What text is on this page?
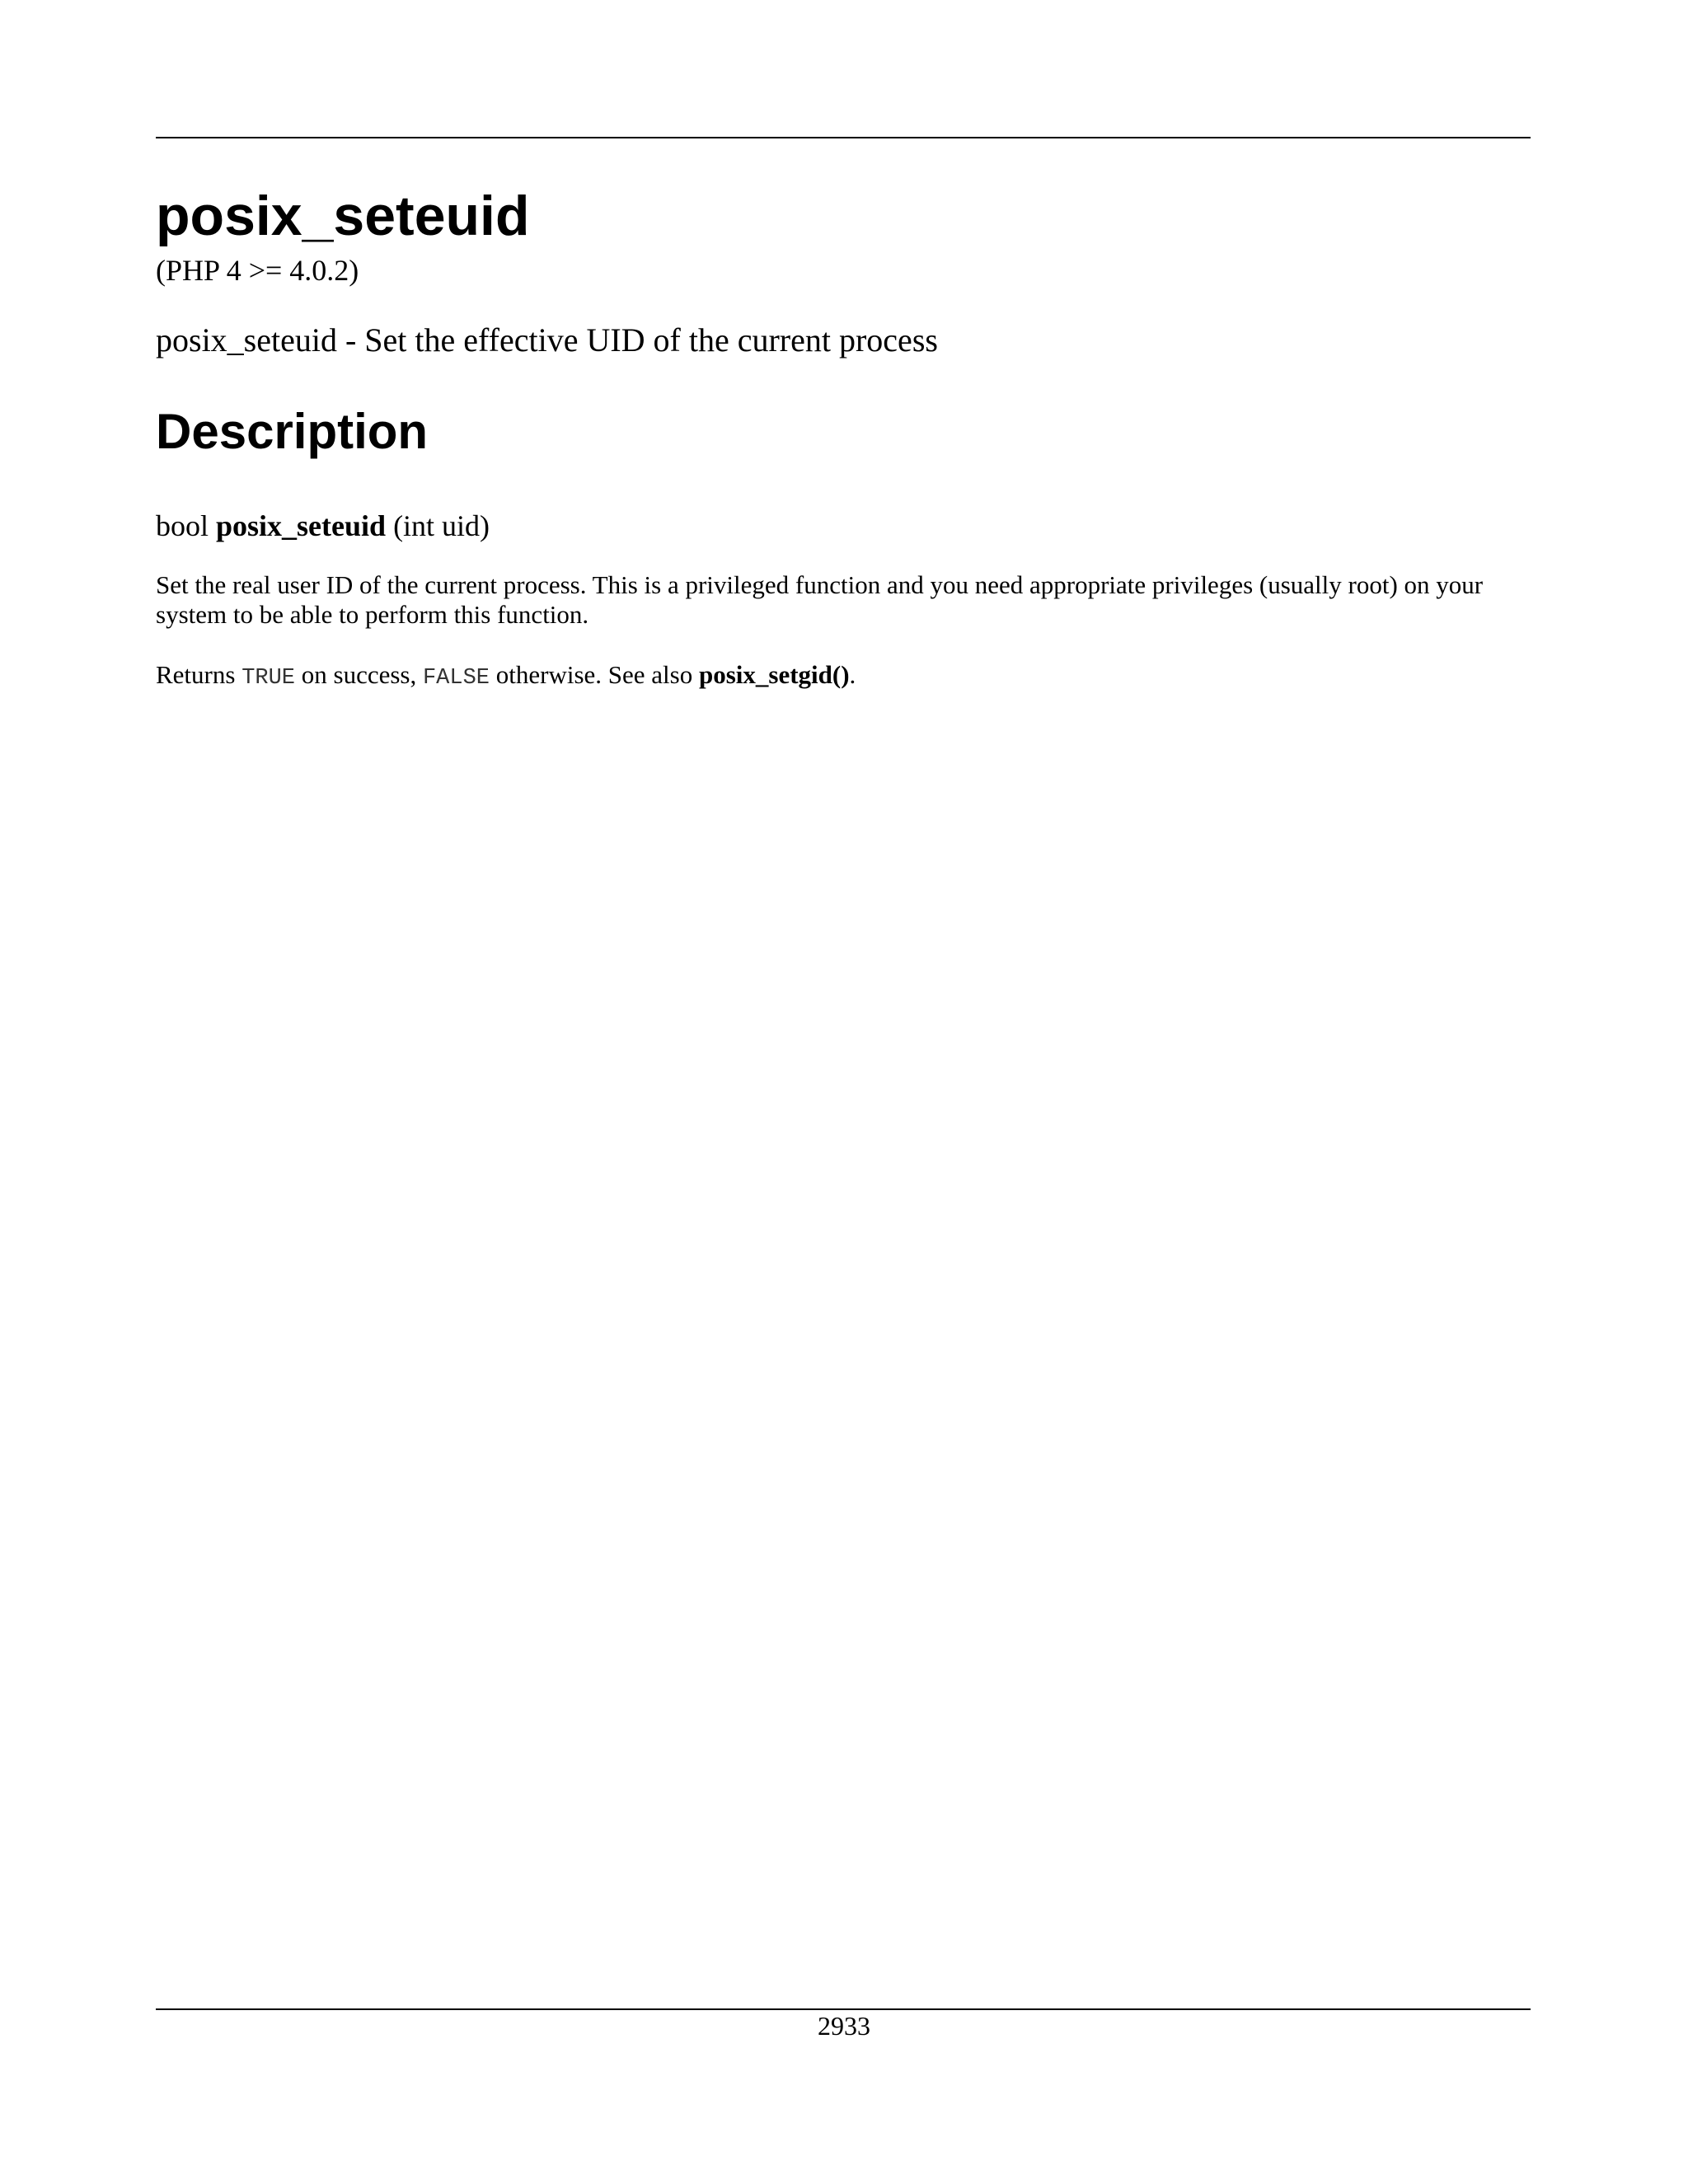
posix_seteuid
(PHP 4 >= 4.0.2)
posix_seteuid - Set the effective UID of the current process
Description
bool posix_seteuid (int uid)

Set the real user ID of the current process. This is a privileged function and you need appropriate privileges (usually root) on your system to be able to perform this function.

Returns TRUE on success, FALSE otherwise. See also posix_setgid().

2933
